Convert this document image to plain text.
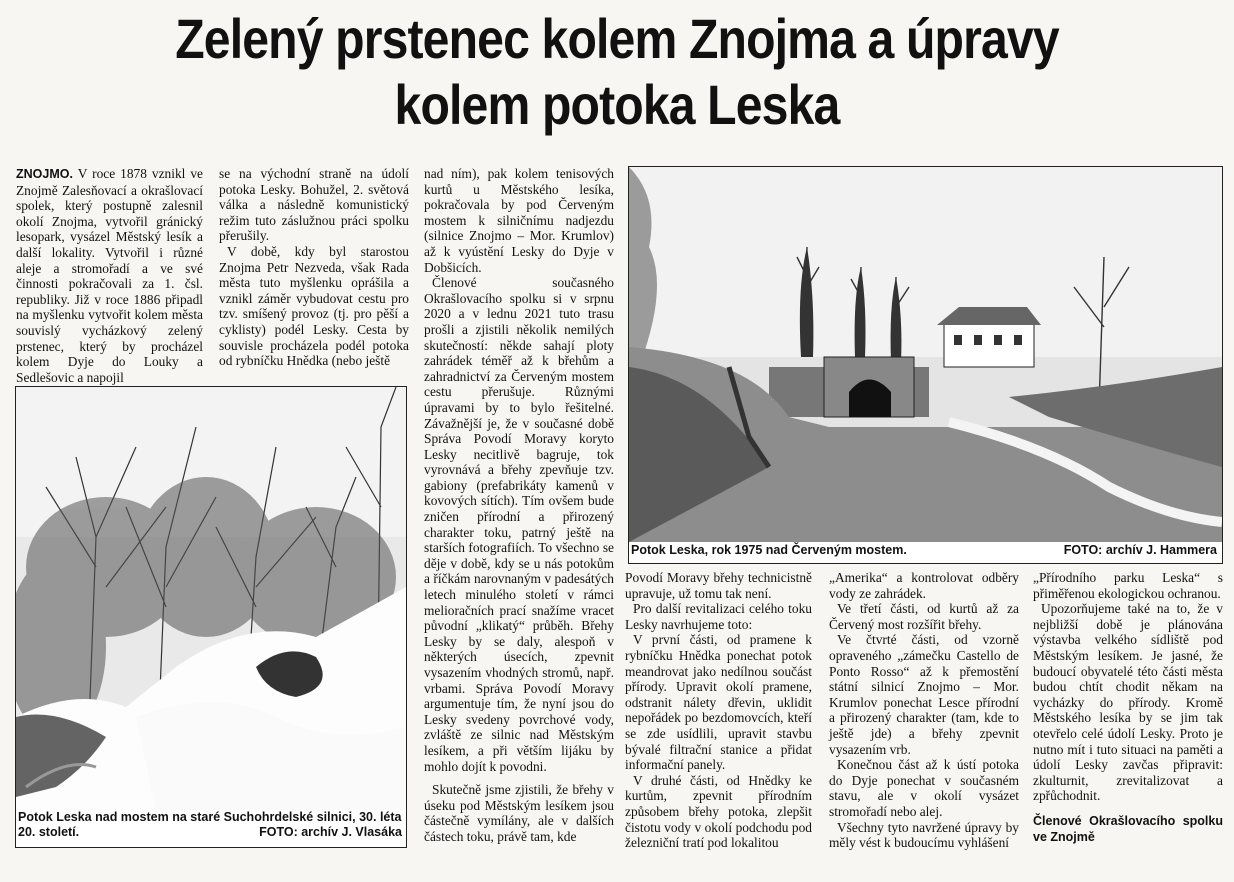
Zelený prstenec kolem Znojma a úpravy
kolem potoka Leska

ZNOJMO. V roce 1878 vznikl ve Znojmě Zalesňovací a okrašlovací spolek, který postupně zalesnil okolí Znojma, vytvořil gránický lesopark, vysázel Městský lesík a další lokality. Vytvořil i různé aleje a stromořadí a ve své činnosti pokračovali za 1. čsl. republiky. Již v roce 1886 připadl na myšlenku vytvořit kolem města souvislý vycházkový zelený prstenec, který by procházel kolem Dyje do Louky a Sedlešovic a napojil

se na východní straně na údolí potoka Lesky. Bohužel, 2. světová válka a následně komunistický režim tuto záslužnou práci spolku přerušily.

V době, kdy byl starostou Znojma Petr Nezveda, však Rada města tuto myšlenku oprášila a vznikl záměr vybudovat cestu pro tzv. smíšený provoz (tj. pro pěší a cyklisty) podél Lesky. Cesta by souvisle procházela podél potoka od rybníčku Hnědka (nebo ještě

nad ním), pak kolem tenisových kurtů u Městského lesíka, pokračovala by pod Červeným mostem k silničnímu nadjezdu (silnice Znojmo – Mor. Krumlov) až k vyústění Lesky do Dyje v Dobšicích.

Členové současného Okrašlovacího spolku si v srpnu 2020 a v lednu 2021 tuto trasu prošli a zjistili několik nemilých skutečností: někde sahají ploty zahrádek téměř až k břehům a zahradnictví za Červeným mostem cestu přerušuje. Různými úpravami by to bylo řešitelné. Závažnější je, že v současné době Správa Povodí Moravy koryto Lesky necitlivě bagruje, tok vyrovnává a břehy zpevňuje tzv. gabiony (prefabrikáty kamenů v kovových sítích). Tím ovšem bude zničen přírodní a přirozený charakter toku, patrný ještě na starších fotografiích. To všechno se děje v době, kdy se u nás potokům a říčkám narovnaným v padesátých letech minulého století v rámci melioračních prací snažíme vracet původní „klikatý“ průběh. Břehy Lesky by se daly, alespoň v některých úsecích, zpevnit vysazením vhodných stromů, např. vrbami. Správa Povodí Moravy argumentuje tím, že nyní jsou do Lesky svedeny povrchové vody, zvláště ze silnic nad Městským lesíkem, a při větším lijáku by mohlo dojít k povodni.

Skutečně jsme zjistili, že břehy v úseku pod Městským lesíkem jsou částečně vymílány, ale v dalších částech toku, právě tam, kde

Povodí Moravy břehy technicistně upravuje, už tomu tak není.

Pro další revitalizaci celého toku Lesky navrhujeme toto:

V první části, od pramene k rybníčku Hnědka ponechat potok meandrovat jako nedílnou součást přírody. Upravit okolí pramene, odstranit nálety dřevin, uklidit nepořádek po bezdomovcích, kteří se zde usídlili, upravit stavbu bývalé filtrační stanice a přidat informační panely.

V druhé části, od Hnědky ke kurtům, zpevnit přírodním způsobem břehy potoka, zlepšit čistotu vody v okolí podchodu pod železniční tratí pod lokalitou

„Amerika“ a kontrolovat odběry vody ze zahrádek.

Ve třetí části, od kurtů až za Červený most rozšířit břehy.

Ve čtvrté části, od vzorně opraveného „zámečku Castello de Ponto Rosso“ až k přemostění státní silnicí Znojmo – Mor. Krumlov ponechat Lesce přírodní a přirozený charakter (tam, kde to ještě jde) a břehy zpevnit vysazením vrb.

Konečnou část až k ústí potoka do Dyje ponechat v současném stavu, ale v okolí vysázet stromořadí nebo alej.

Všechny tyto navržené úpravy by měly vést k budoucímu vyhlášení

„Přírodního parku Leska“ s přiměřenou ekologickou ochranou.

Upozorňujeme také na to, že v nejbližší době je plánována výstavba velkého sídliště pod Městským lesíkem. Je jasné, že budoucí obyvatelé této části města budou chtít chodit někam na vycházky do přírody. Kromě Městského lesíka by se jim tak otevřelo celé údolí Lesky. Proto je nutno mít i tuto situaci na paměti a údolí Lesky zavčas připravit: zkulturnit, zrevitalizovat a zpřůchodnit.

Členové Okrašlovacího spolku ve Znojmě
Potok Leska nad mostem na staré Suchohrdelské silnici, 30. léta 20. století.	FOTO: archív J. Vlasáka
Potok Leska, rok 1975 nad Červeným mostem.	FOTO: archív J. Hammera
